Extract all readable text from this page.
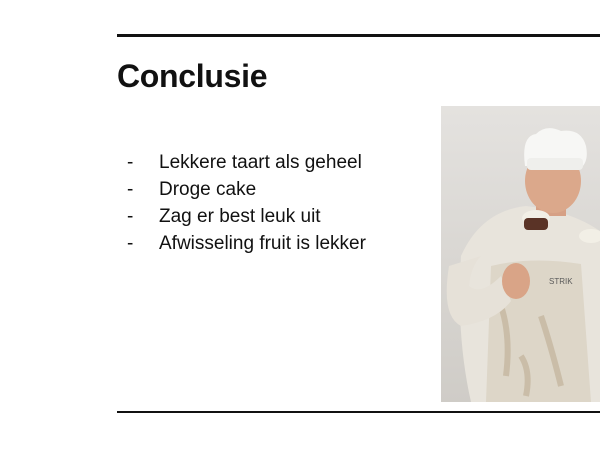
Conclusie
- Lekkere taart als geheel
- Droge cake
- Zag er best leuk uit
- Afwisseling fruit is lekker
STRIK
